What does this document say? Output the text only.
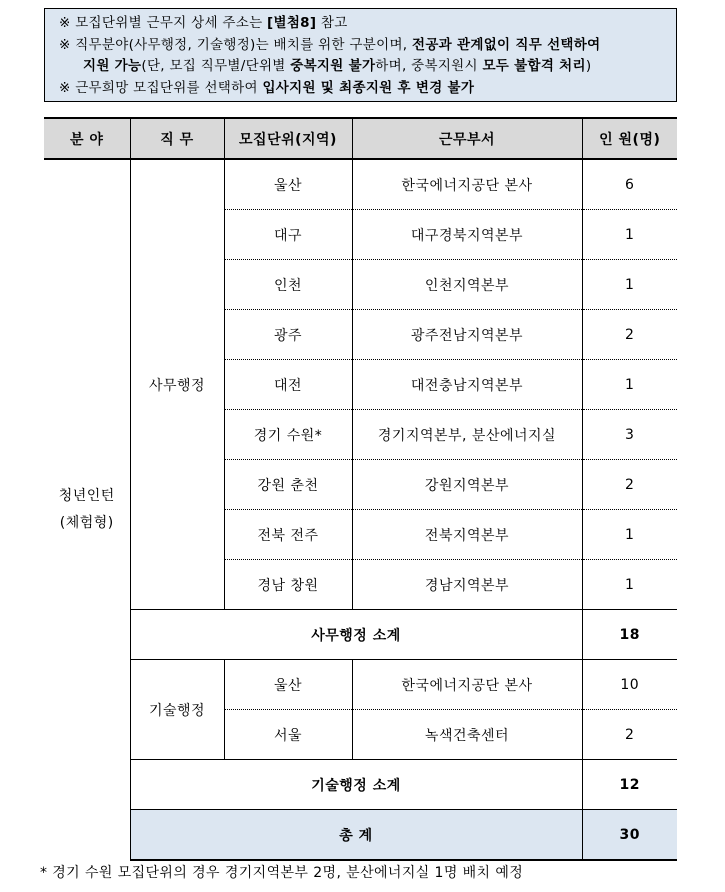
※ 모집단위별 근무지 상세 주소는 [별첨8] 참고
※ 직무분야(사무행정, 기술행정)는 배치를 위한 구분이며, 전공과 관계없이 직무 선택하여
지원 가능(단, 모집 직무별/단위별 중복지원 불가하며, 중복지원시 모두 불합격 처리)
※ 근무희망 모집단위를 선택하여 입사지원 및 최종지원 후 변경 불가
분 야	직 무	모집단위(지역)	근무부서	인 원(명)
청년인턴
(체험형)	사무행정	울산	한국에너지공단 본사	6
		대구	대구경북지역본부	1
		인천	인천지역본부	1
		광주	광주전남지역본부	2
		대전	대전충남지역본부	1
		경기 수원*	경기지역본부, 분산에너지실	3
		강원 춘천	강원지역본부	2
		전북 전주	전북지역본부	1
		경남 창원	경남지역본부	1
	사무행정 소계			18
	기술행정	울산	한국에너지공단 본사	10
		서울	녹색건축센터	2
	기술행정 소계			12
	총 계			30
* 경기 수원 모집단위의 경우 경기지역본부 2명, 분산에너지실 1명 배치 예정
